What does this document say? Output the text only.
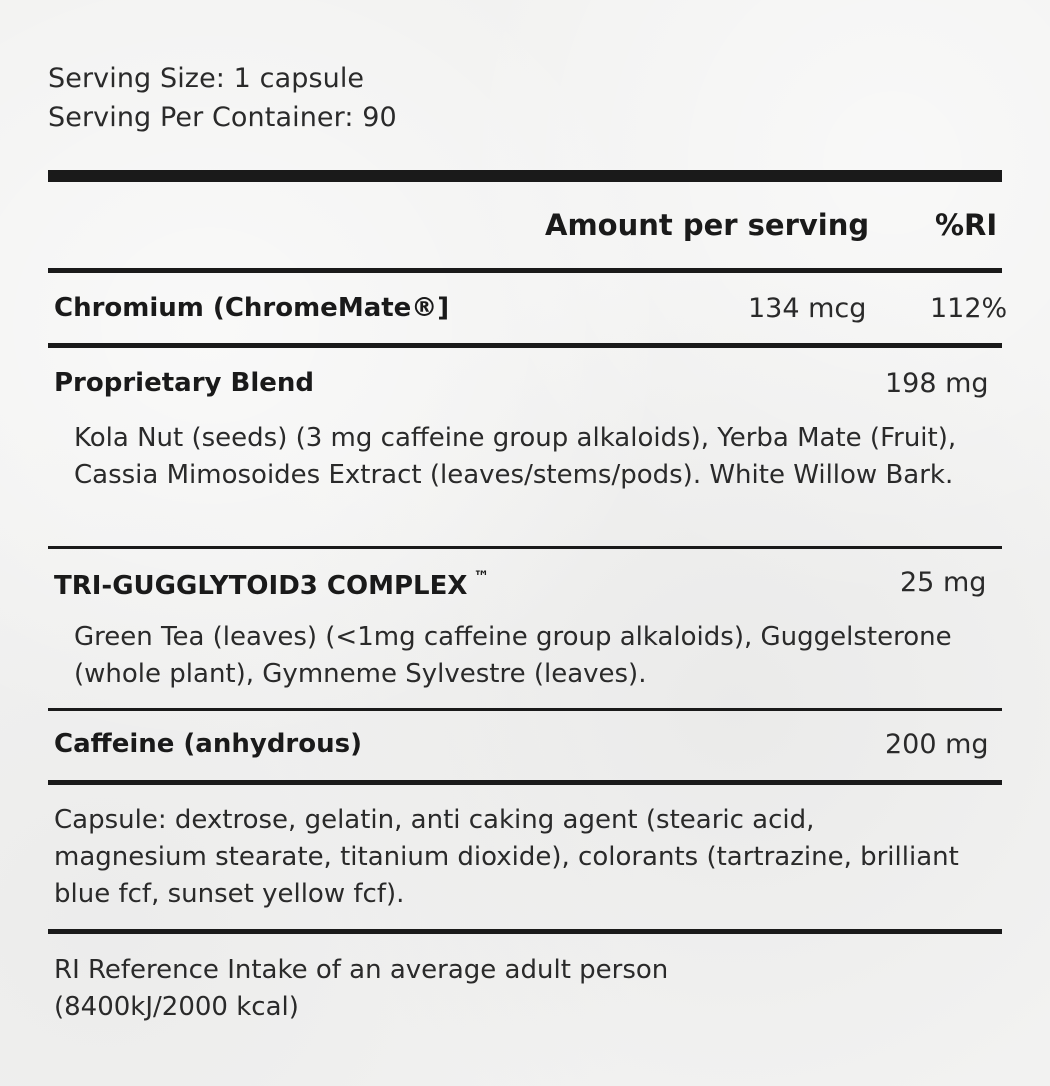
Serving Size: 1 capsule
Serving Per Container: 90
Amount per serving %RI
Chromium (ChromeMate®]	134 mcg 112%
Proprietary Blend	198 mg
Kola Nut (seeds) (3 mg caffeine group alkaloids), Yerba Mate (Fruit), Cassia Mimosoides Extract (leaves/stems/pods). White Willow Bark.
TRI-GUGGLYTOID3 COMPLEX ™	25 mg
Green Tea (leaves) (<1mg caffeine group alkaloids), Guggelsterone (whole plant), Gymneme Sylvestre (leaves).
Caffeine (anhydrous)	200 mg
Capsule: dextrose, gelatin, anti caking agent (stearic acid, magnesium stearate, titanium dioxide), colorants (tartrazine, brilliant blue fcf, sunset yellow fcf).
RI Reference Intake of an average adult person (8400kJ/2000 kcal)
